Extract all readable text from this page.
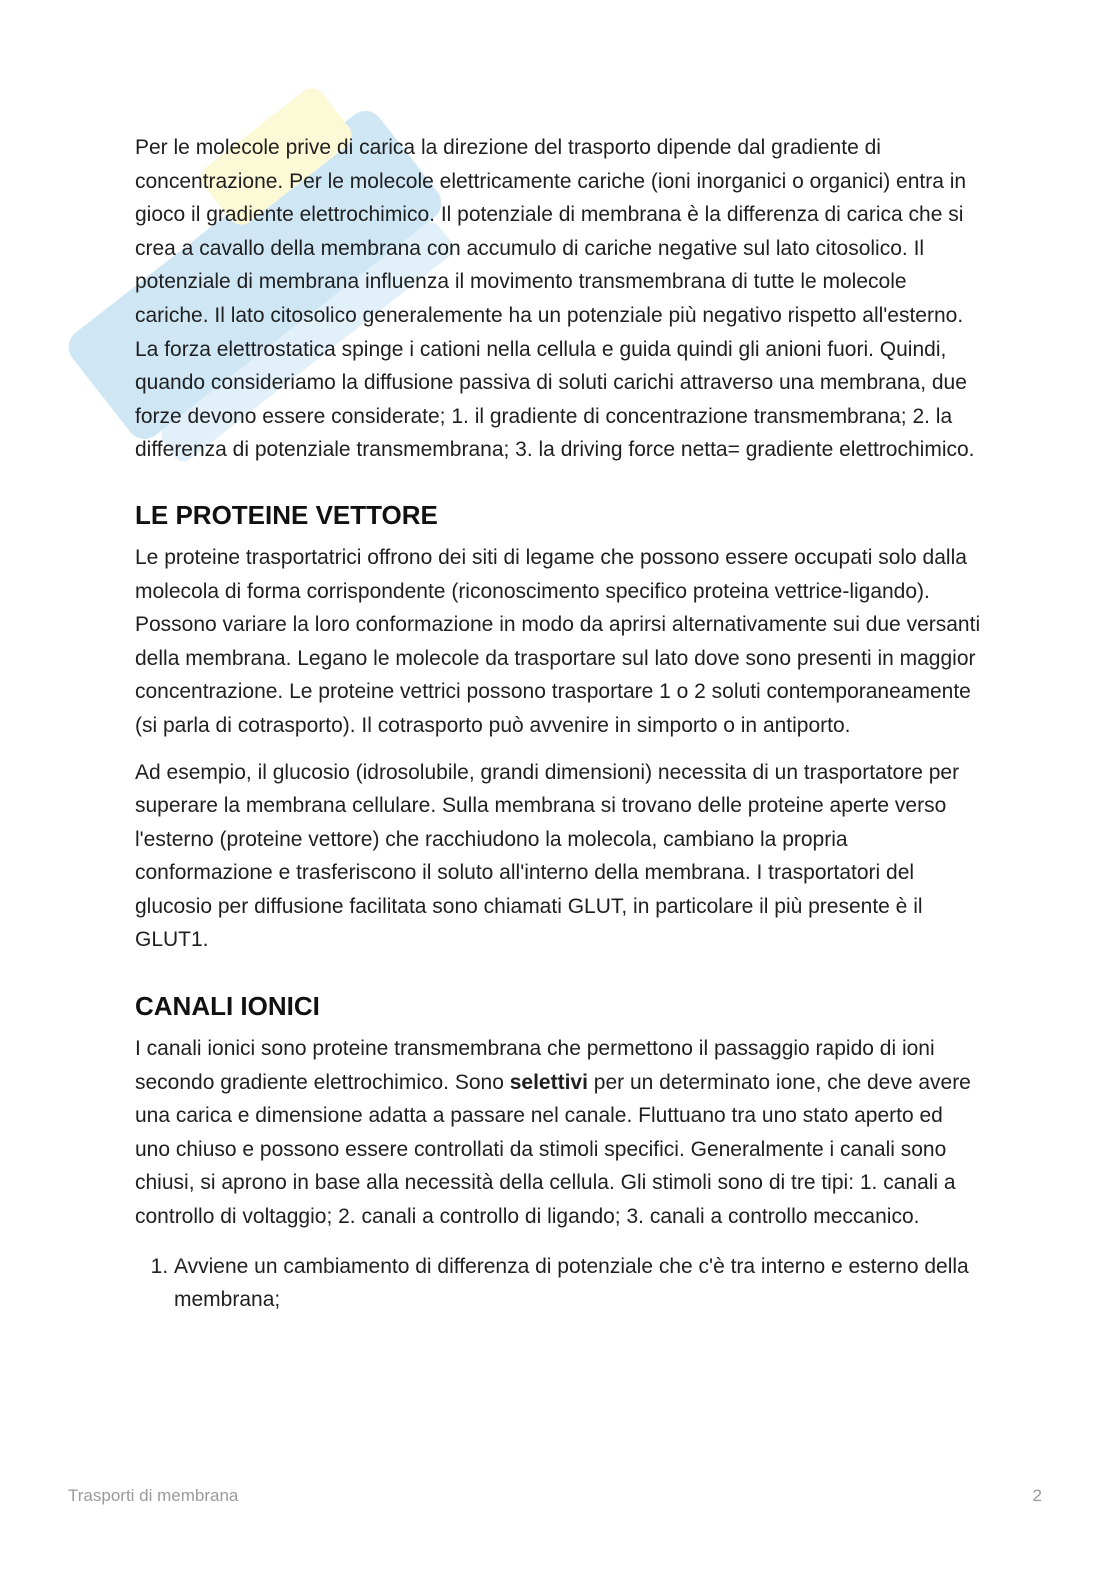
Per le molecole prive di carica la direzione del trasporto dipende dal gradiente di concentrazione. Per le molecole elettricamente cariche (ioni inorganici o organici) entra in gioco il gradiente elettrochimico. Il potenziale di membrana è la differenza di carica che si crea a cavallo della membrana con accumulo di cariche negative sul lato citosolico. Il potenziale di membrana influenza il movimento transmembrana di tutte le molecole cariche. Il lato citosolico generalemente ha un potenziale più negativo rispetto all'esterno. La forza elettrostatica spinge i cationi nella cellula e guida quindi gli anioni fuori. Quindi, quando consideriamo la diffusione passiva di soluti carichi attraverso una membrana, due forze devono essere considerate; 1. il gradiente di concentrazione transmembrana; 2. la differenza di potenziale transmembrana; 3. la driving force netta= gradiente elettrochimico.

LE PROTEINE VETTORE

Le proteine trasportatrici offrono dei siti di legame che possono essere occupati solo dalla molecola di forma corrispondente (riconoscimento specifico proteina vettrice-ligando). Possono variare la loro conformazione in modo da aprirsi alternativamente sui due versanti della membrana. Legano le molecole da trasportare sul lato dove sono presenti in maggior concentrazione. Le proteine vettrici possono trasportare 1 o 2 soluti contemporaneamente (si parla di cotrasporto). Il cotrasporto può avvenire in simporto o in antiporto.

Ad esempio, il glucosio (idrosolubile, grandi dimensioni) necessita di un trasportatore per superare la membrana cellulare. Sulla membrana si trovano delle proteine aperte verso l'esterno (proteine vettore) che racchiudono la molecola, cambiano la propria conformazione e trasferiscono il soluto all'interno della membrana. I trasportatori del glucosio per diffusione facilitata sono chiamati GLUT, in particolare il più presente è il GLUT1.

CANALI IONICI

I canali ionici sono proteine transmembrana che permettono il passaggio rapido di ioni secondo gradiente elettrochimico. Sono selettivi per un determinato ione, che deve avere una carica e dimensione adatta a passare nel canale. Fluttuano tra uno stato aperto ed uno chiuso e possono essere controllati da stimoli specifici. Generalmente i canali sono chiusi, si aprono in base alla necessità della cellula. Gli stimoli sono di tre tipi: 1. canali a controllo di voltaggio; 2. canali a controllo di ligando; 3. canali a controllo meccanico.

1. Avviene un cambiamento di differenza di potenziale che c'è tra interno e esterno della membrana;
Trasporti di membrana	2
